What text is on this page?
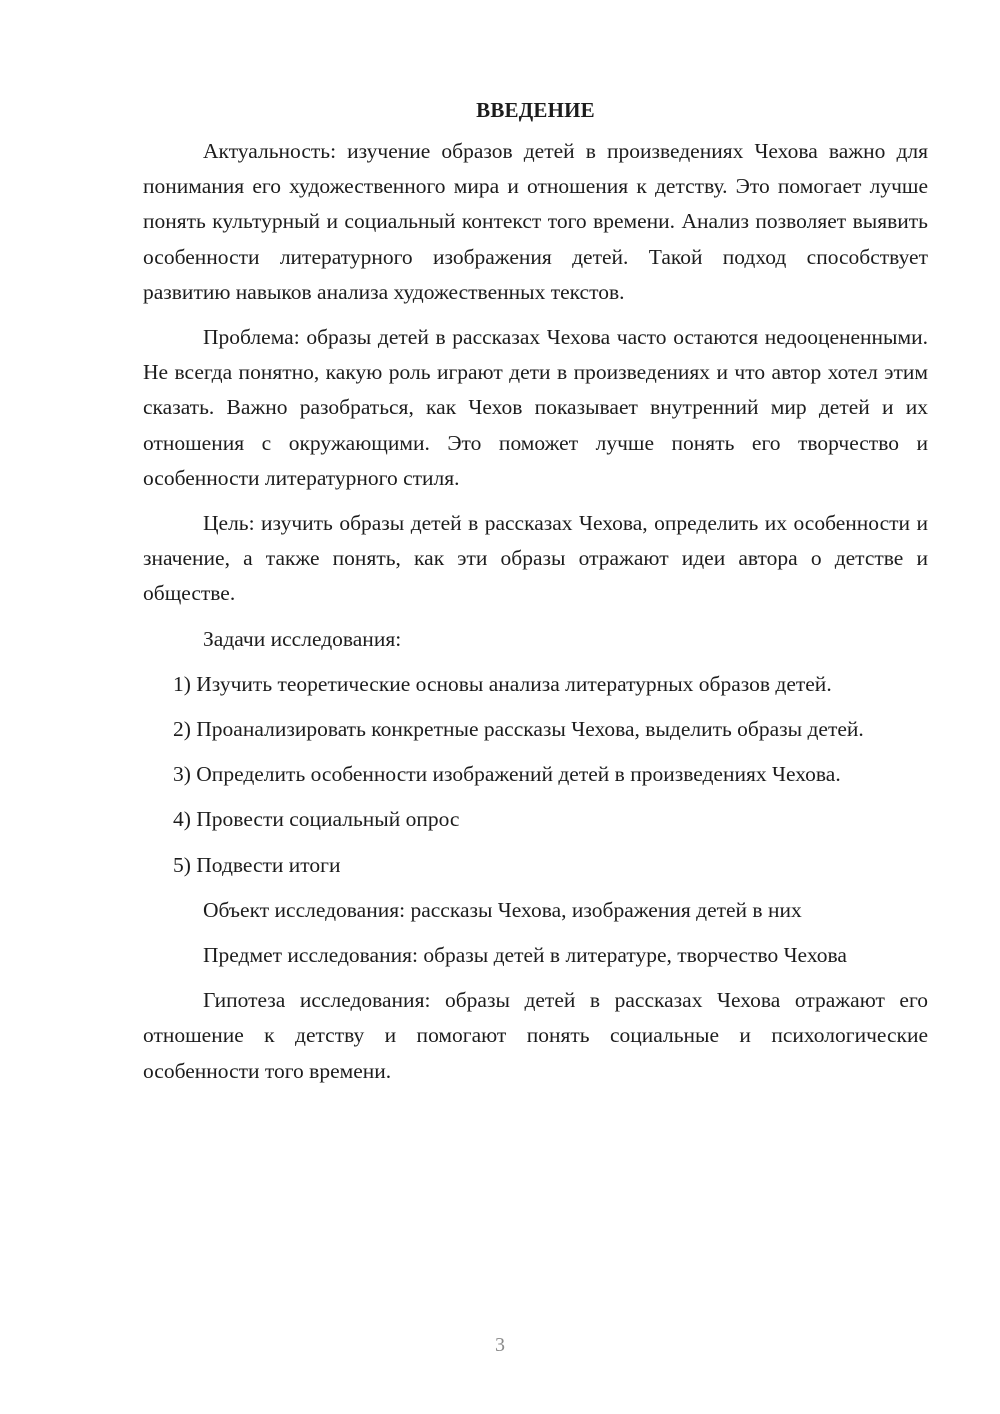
ВВЕДЕНИЕ

Актуальность: изучение образов детей в произведениях Чехова важно для понимания его художественного мира и отношения к детству. Это помогает лучше понять культурный и социальный контекст того времени. Анализ позволяет выявить особенности литературного изображения детей. Такой подход способствует развитию навыков анализа художественных текстов.

Проблема: образы детей в рассказах Чехова часто остаются недооцененными. Не всегда понятно, какую роль играют дети в произведениях и что автор хотел этим сказать. Важно разобраться, как Чехов показывает внутренний мир детей и их отношения с окружающими. Это поможет лучше понять его творчество и особенности литературного стиля.

Цель: изучить образы детей в рассказах Чехова, определить их особенности и значение, а также понять, как эти образы отражают идеи автора о детстве и обществе.

Задачи исследования:

1) Изучить теоретические основы анализа литературных образов детей.

2) Проанализировать конкретные рассказы Чехова, выделить образы детей.

3) Определить особенности изображений детей в произведениях Чехова.

4) Провести социальный опрос

5) Подвести итоги

Объект исследования: рассказы Чехова, изображения детей в них

Предмет исследования: образы детей в литературе, творчество Чехова

Гипотеза исследования: образы детей в рассказах Чехова отражают его отношение к детству и помогают понять социальные и психологические особенности того времени.

3
